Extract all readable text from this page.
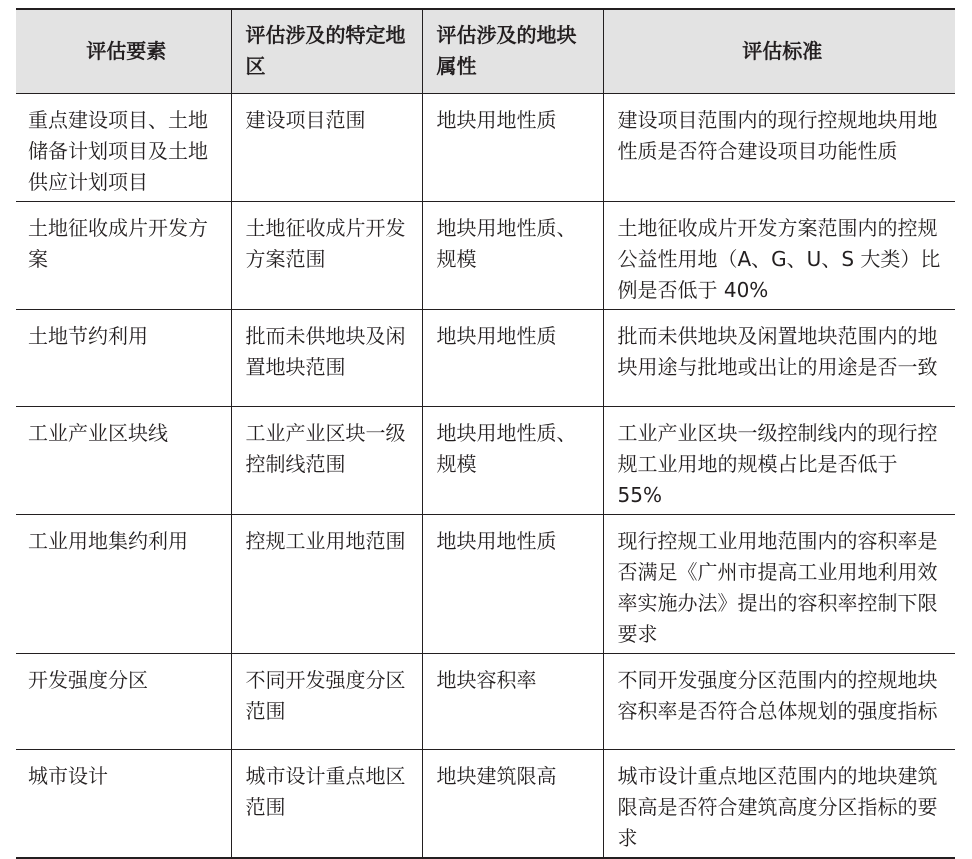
评估要素	评估涉及的特定地区	评估涉及的地块属性	评估标准

重点建设项目、土地储备计划项目及土地供应计划项目	建设项目范围	地块用地性质	建设项目范围内的现行控规地块用地性质是否符合建设项目功能性质

土地征收成片开发方案	土地征收成片开发方案范围	地块用地性质、规模	土地征收成片开发方案范围内的控规公益性用地（A、G、U、S 大类）比例是否低于 40%

土地节约利用	批而未供地块及闲置地块范围	地块用地性质	批而未供地块及闲置地块范围内的地块用途与批地或出让的用途是否一致

工业产业区块线	工业产业区块一级控制线范围	地块用地性质、规模	工业产业区块一级控制线内的现行控规工业用地的规模占比是否低于 55%

工业用地集约利用	控规工业用地范围	地块用地性质	现行控规工业用地范围内的容积率是否满足《广州市提高工业用地利用效率实施办法》提出的容积率控制下限要求

开发强度分区	不同开发强度分区范围	地块容积率	不同开发强度分区范围内的控规地块容积率是否符合总体规划的强度指标

城市设计	城市设计重点地区范围	地块建筑限高	城市设计重点地区范围内的地块建筑限高是否符合建筑高度分区指标的要求
